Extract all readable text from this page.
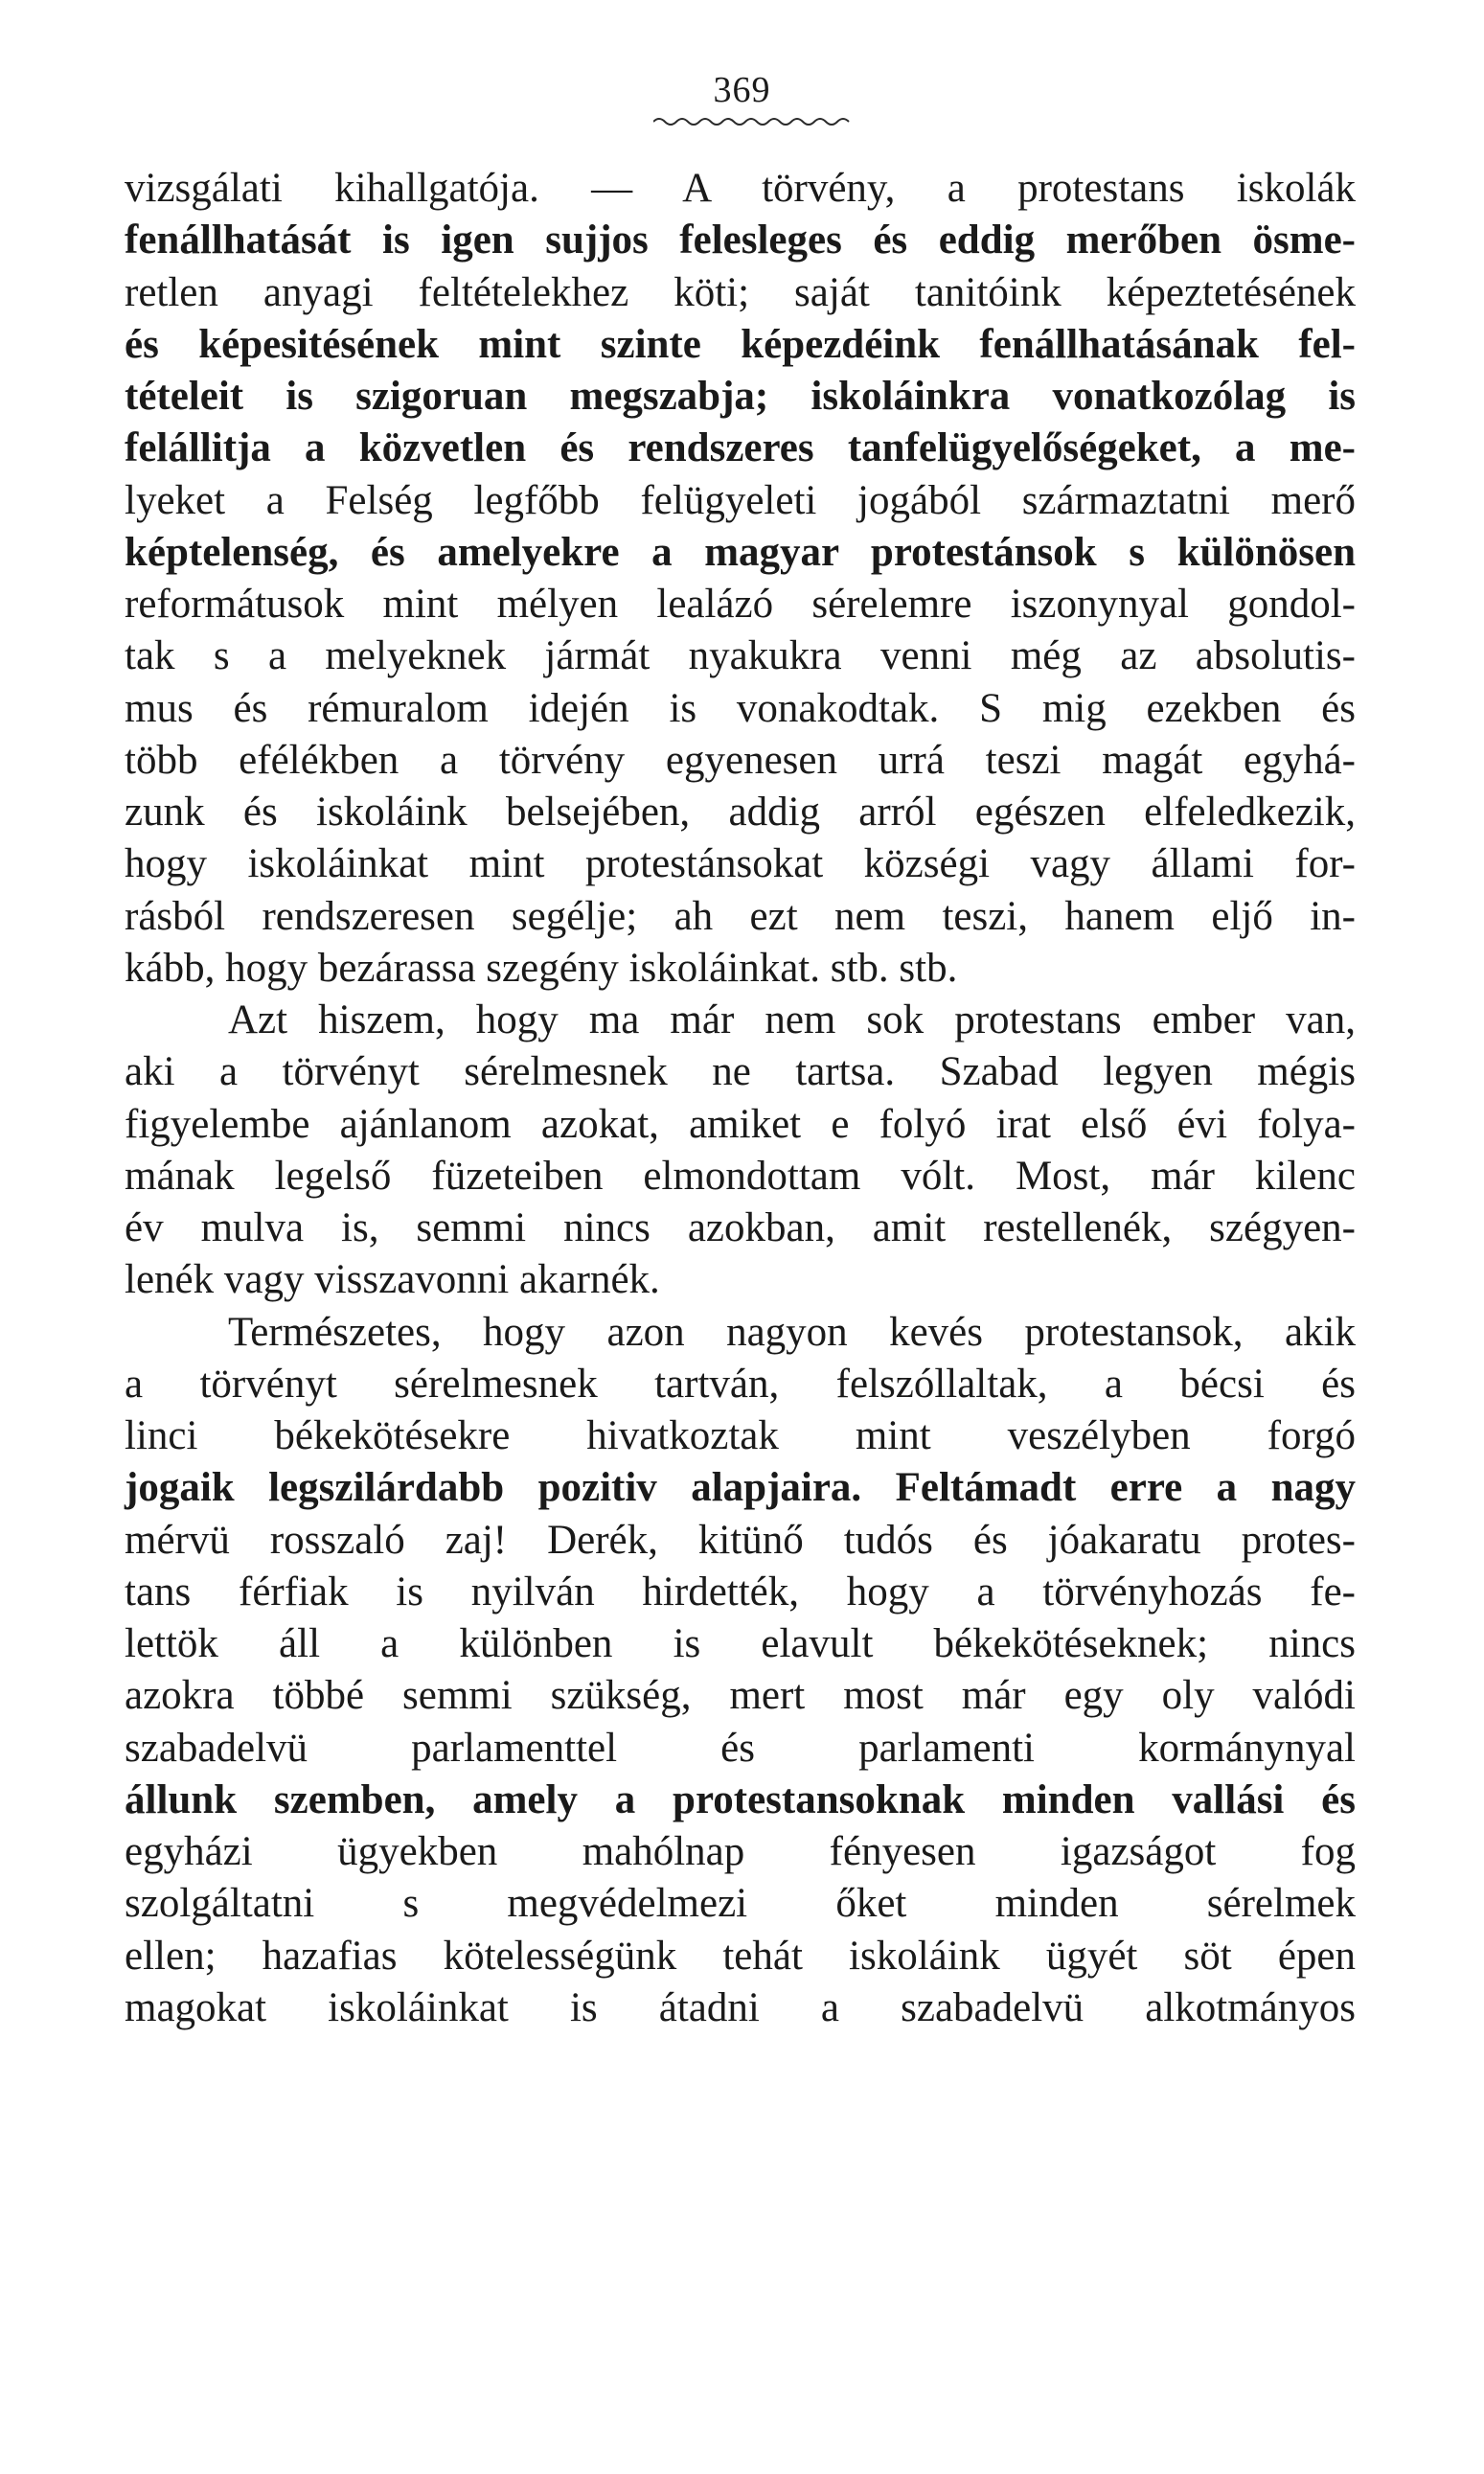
369
vizsgálati kihallgatója. — A törvény, a protestans iskolák
fenállhatását is igen sujjos felesleges és eddig merőben ösme-
retlen anyagi feltételekhez köti; saját tanitóink képeztetésének
és képesitésének mint szinte képezdéink fenállhatásának fel-
tételeit is szigoruan megszabja; iskoláinkra vonatkozólag is
felállitja a közvetlen és rendszeres tanfelügyelőségeket, a me-
lyeket a Felség legfőbb felügyeleti jogából származtatni merő
képtelenség, és amelyekre a magyar protestánsok s különösen
reformátusok mint mélyen lealázó sérelemre iszonynyal gondol-
tak s a melyeknek jármát nyakukra venni még az absolutis-
mus és rémuralom idején is vonakodtak. S mig ezekben és
több efélékben a törvény egyenesen urrá teszi magát egyhá-
zunk és iskoláink belsejében, addig arról egészen elfeledkezik,
hogy iskoláinkat mint protestánsokat községi vagy állami for-
rásból rendszeresen segélje; ah ezt nem teszi, hanem eljő in-
kább, hogy bezárassa szegény iskoláinkat. stb. stb.
Azt hiszem, hogy ma már nem sok protestans ember van,
aki a törvényt sérelmesnek ne tartsa. Szabad legyen mégis
figyelembe ajánlanom azokat, amiket e folyó irat első évi folya-
mának legelső füzeteiben elmondottam vólt. Most, már kilenc
év mulva is, semmi nincs azokban, amit restellenék, szégyen-
lenék vagy visszavonni akarnék.
Természetes, hogy azon nagyon kevés protestansok, akik
a törvényt sérelmesnek tartván, felszóllaltak, a bécsi és
linci békekötésekre hivatkoztak mint veszélyben forgó
jogaik legszilárdabb pozitiv alapjaira. Feltámadt erre a nagy
mérvü rosszaló zaj! Derék, kitünő tudós és jóakaratu protes-
tans férfiak is nyilván hirdették, hogy a törvényhozás fe-
lettök áll a különben is elavult békekötéseknek; nincs
azokra többé semmi szükség, mert most már egy oly valódi
szabadelvü parlamenttel és parlamenti kormánynyal
állunk szemben, amely a protestansoknak minden vallási és
egyházi ügyekben mahólnap fényesen igazságot fog
szolgáltatni s megvédelmezi őket minden sérelmek
ellen; hazafias kötelességünk tehát iskoláink ügyét söt épen
magokat iskoláinkat is átadni a szabadelvü alkotmányos
